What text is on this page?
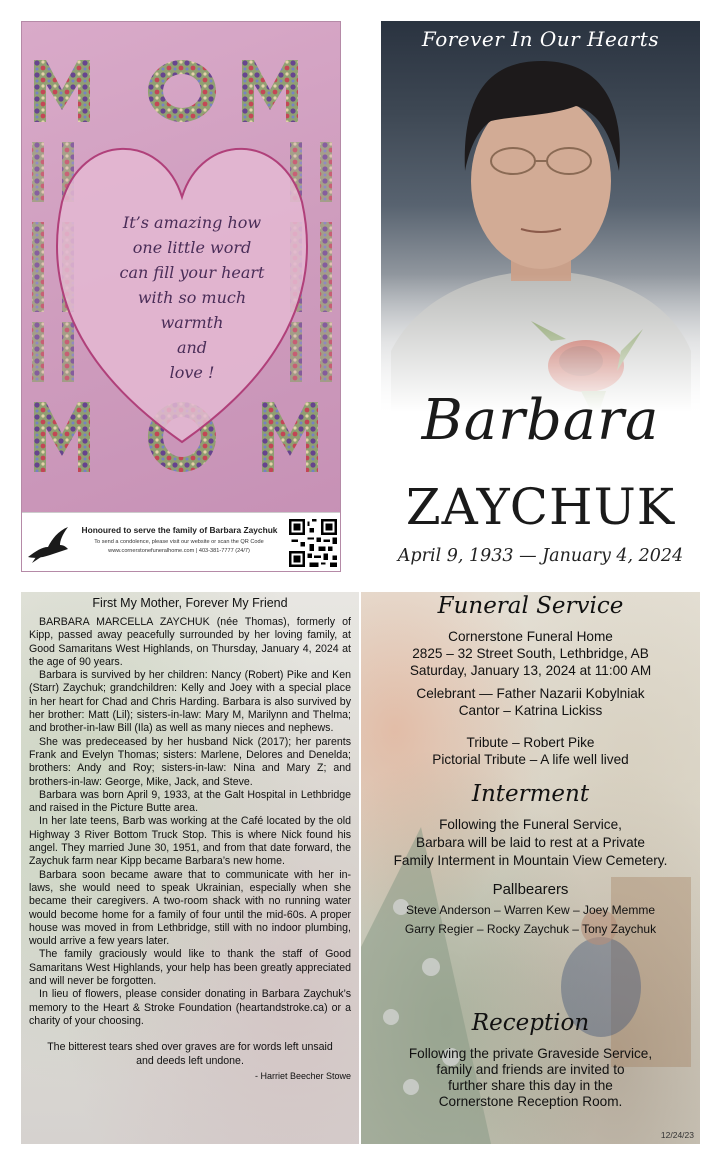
It’s amazing how
one little word
can fill your heart
with so much
warmth
and
love !
Honoured to serve the family of Barbara Zaychuk
To send a condolence, please visit our website or scan the QR Code
www.cornerstonefuneralhome.com | 403-381-7777 (24/7)
Forever In Our Hearts
Barbara
ZAYCHUK
April 9, 1933 — January 4, 2024
First My Mother, Forever My Friend

BARBARA MARCELLA ZAYCHUK (née Thomas), formerly of Kipp, passed away peacefully surrounded by her loving family, at Good Samaritans West Highlands, on Thursday, January 4, 2024 at the age of 90 years.

Barbara is survived by her children: Nancy (Robert) Pike and Ken (Starr) Zaychuk; grandchildren: Kelly and Joey with a special place in her heart for Chad and Chris Harding. Barbara is also survived by her brother: Matt (Lil); sisters-in-law: Mary M, Marilynn and Thelma; and brother-in-law Bill (Ila) as well as many nieces and nephews.

She was predeceased by her husband Nick (2017); her parents Frank and Evelyn Thomas; sisters: Marlene, Delores and Denelda; brothers: Andy and Roy; sisters-in-law: Nina and Mary Z; and brothers-in-law: George, Mike, Jack, and Steve.

Barbara was born April 9, 1933, at the Galt Hospital in Lethbridge and raised in the Picture Butte area.

In her late teens, Barb was working at the Café located by the old Highway 3 River Bottom Truck Stop. This is where Nick found his angel. They married June 30, 1951, and from that date forward, the Zaychuk farm near Kipp became Barbara’s new home.

Barbara soon became aware that to communicate with her in-laws, she would need to speak Ukrainian, especially when she became their caregivers. A two-room shack with no running water would become home for a family of four until the mid-60s. A proper house was moved in from Lethbridge, still with no indoor plumbing, would arrive a few years later.

The family graciously would like to thank the staff of Good Samaritans West Highlands, your help has been greatly appreciated and will never be forgotten.

In lieu of flowers, please consider donating in Barbara Zaychuk’s memory to the Heart & Stroke Foundation (heartandstroke.ca) or a charity of your choosing.

The bitterest tears shed over graves are for words left unsaid
and deeds left undone.
- Harriet Beecher Stowe
Funeral Service
Cornerstone Funeral Home
2825 – 32 Street South, Lethbridge, AB
Saturday, January 13, 2024 at 11:00 AM
Celebrant — Father Nazarii Kobylniak
Cantor – Katrina Lickiss
Tribute – Robert Pike
Pictorial Tribute – A life well lived
Interment
Following the Funeral Service,
Barbara will be laid to rest at a Private
Family Interment in Mountain View Cemetery.
Pallbearers
Steve Anderson – Warren Kew – Joey Memme
Garry Regier – Rocky Zaychuk – Tony Zaychuk
Reception
Following the private Graveside Service,
family and friends are invited to
further share this day in the
Cornerstone Reception Room.
12/24/23
